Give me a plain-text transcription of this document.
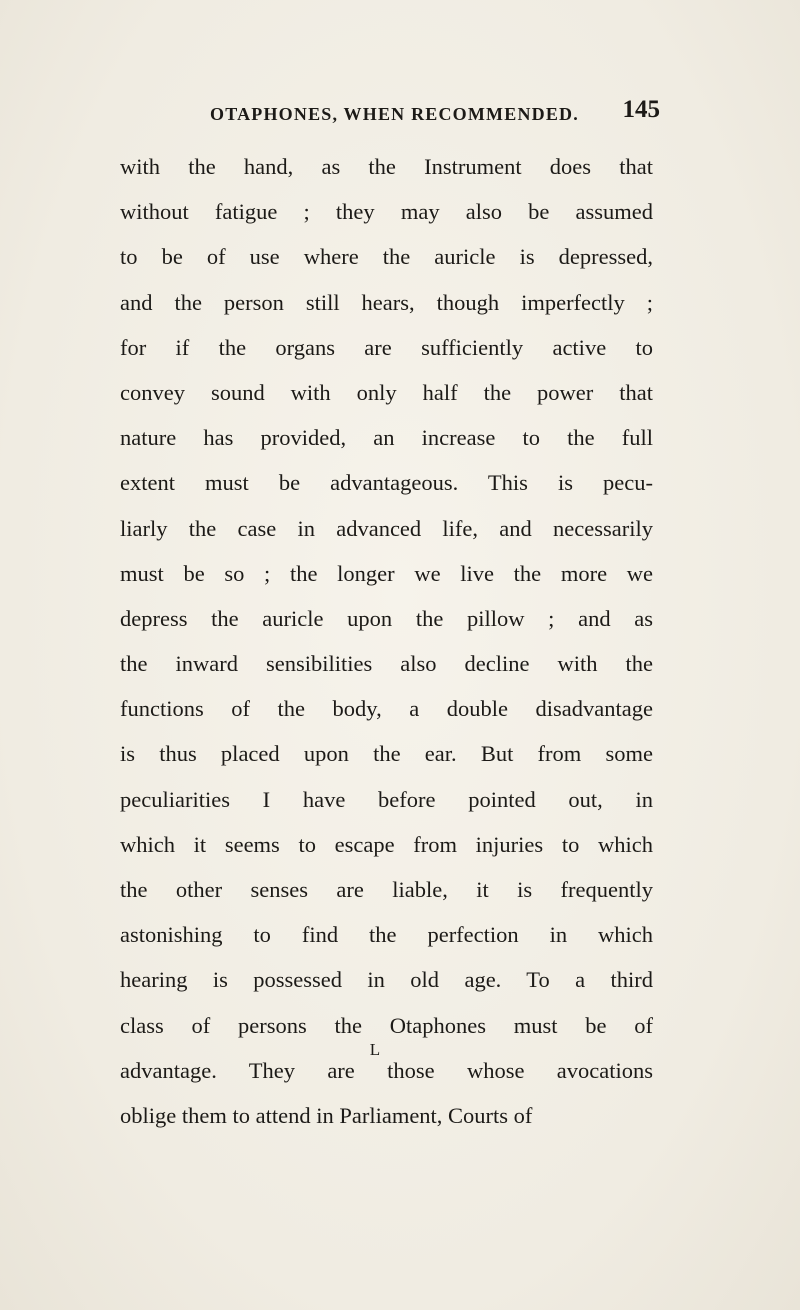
OTAPHONES, WHEN RECOMMENDED. 145
with the hand, as the Instrument does that
without fatigue ; they may also be assumed
to be of use where the auricle is depressed,
and the person still hears, though imperfectly ;
for if the organs are sufficiently active to
convey sound with only half the power that
nature has provided, an increase to the full
extent must be advantageous. This is pecu-
liarly the case in advanced life, and necessarily
must be so ; the longer we live the more we
depress the auricle upon the pillow ; and as
the inward sensibilities also decline with the
functions of the body, a double disadvantage
is thus placed upon the ear. But from some
peculiarities I have before pointed out, in
which it seems to escape from injuries to which
the other senses are liable, it is frequently
astonishing to find the perfection in which
hearing is possessed in old age. To a third
class of persons the Otaphones must be of
advantage. They are those whose avocations
oblige them to attend in Parliament, Courts of
L
